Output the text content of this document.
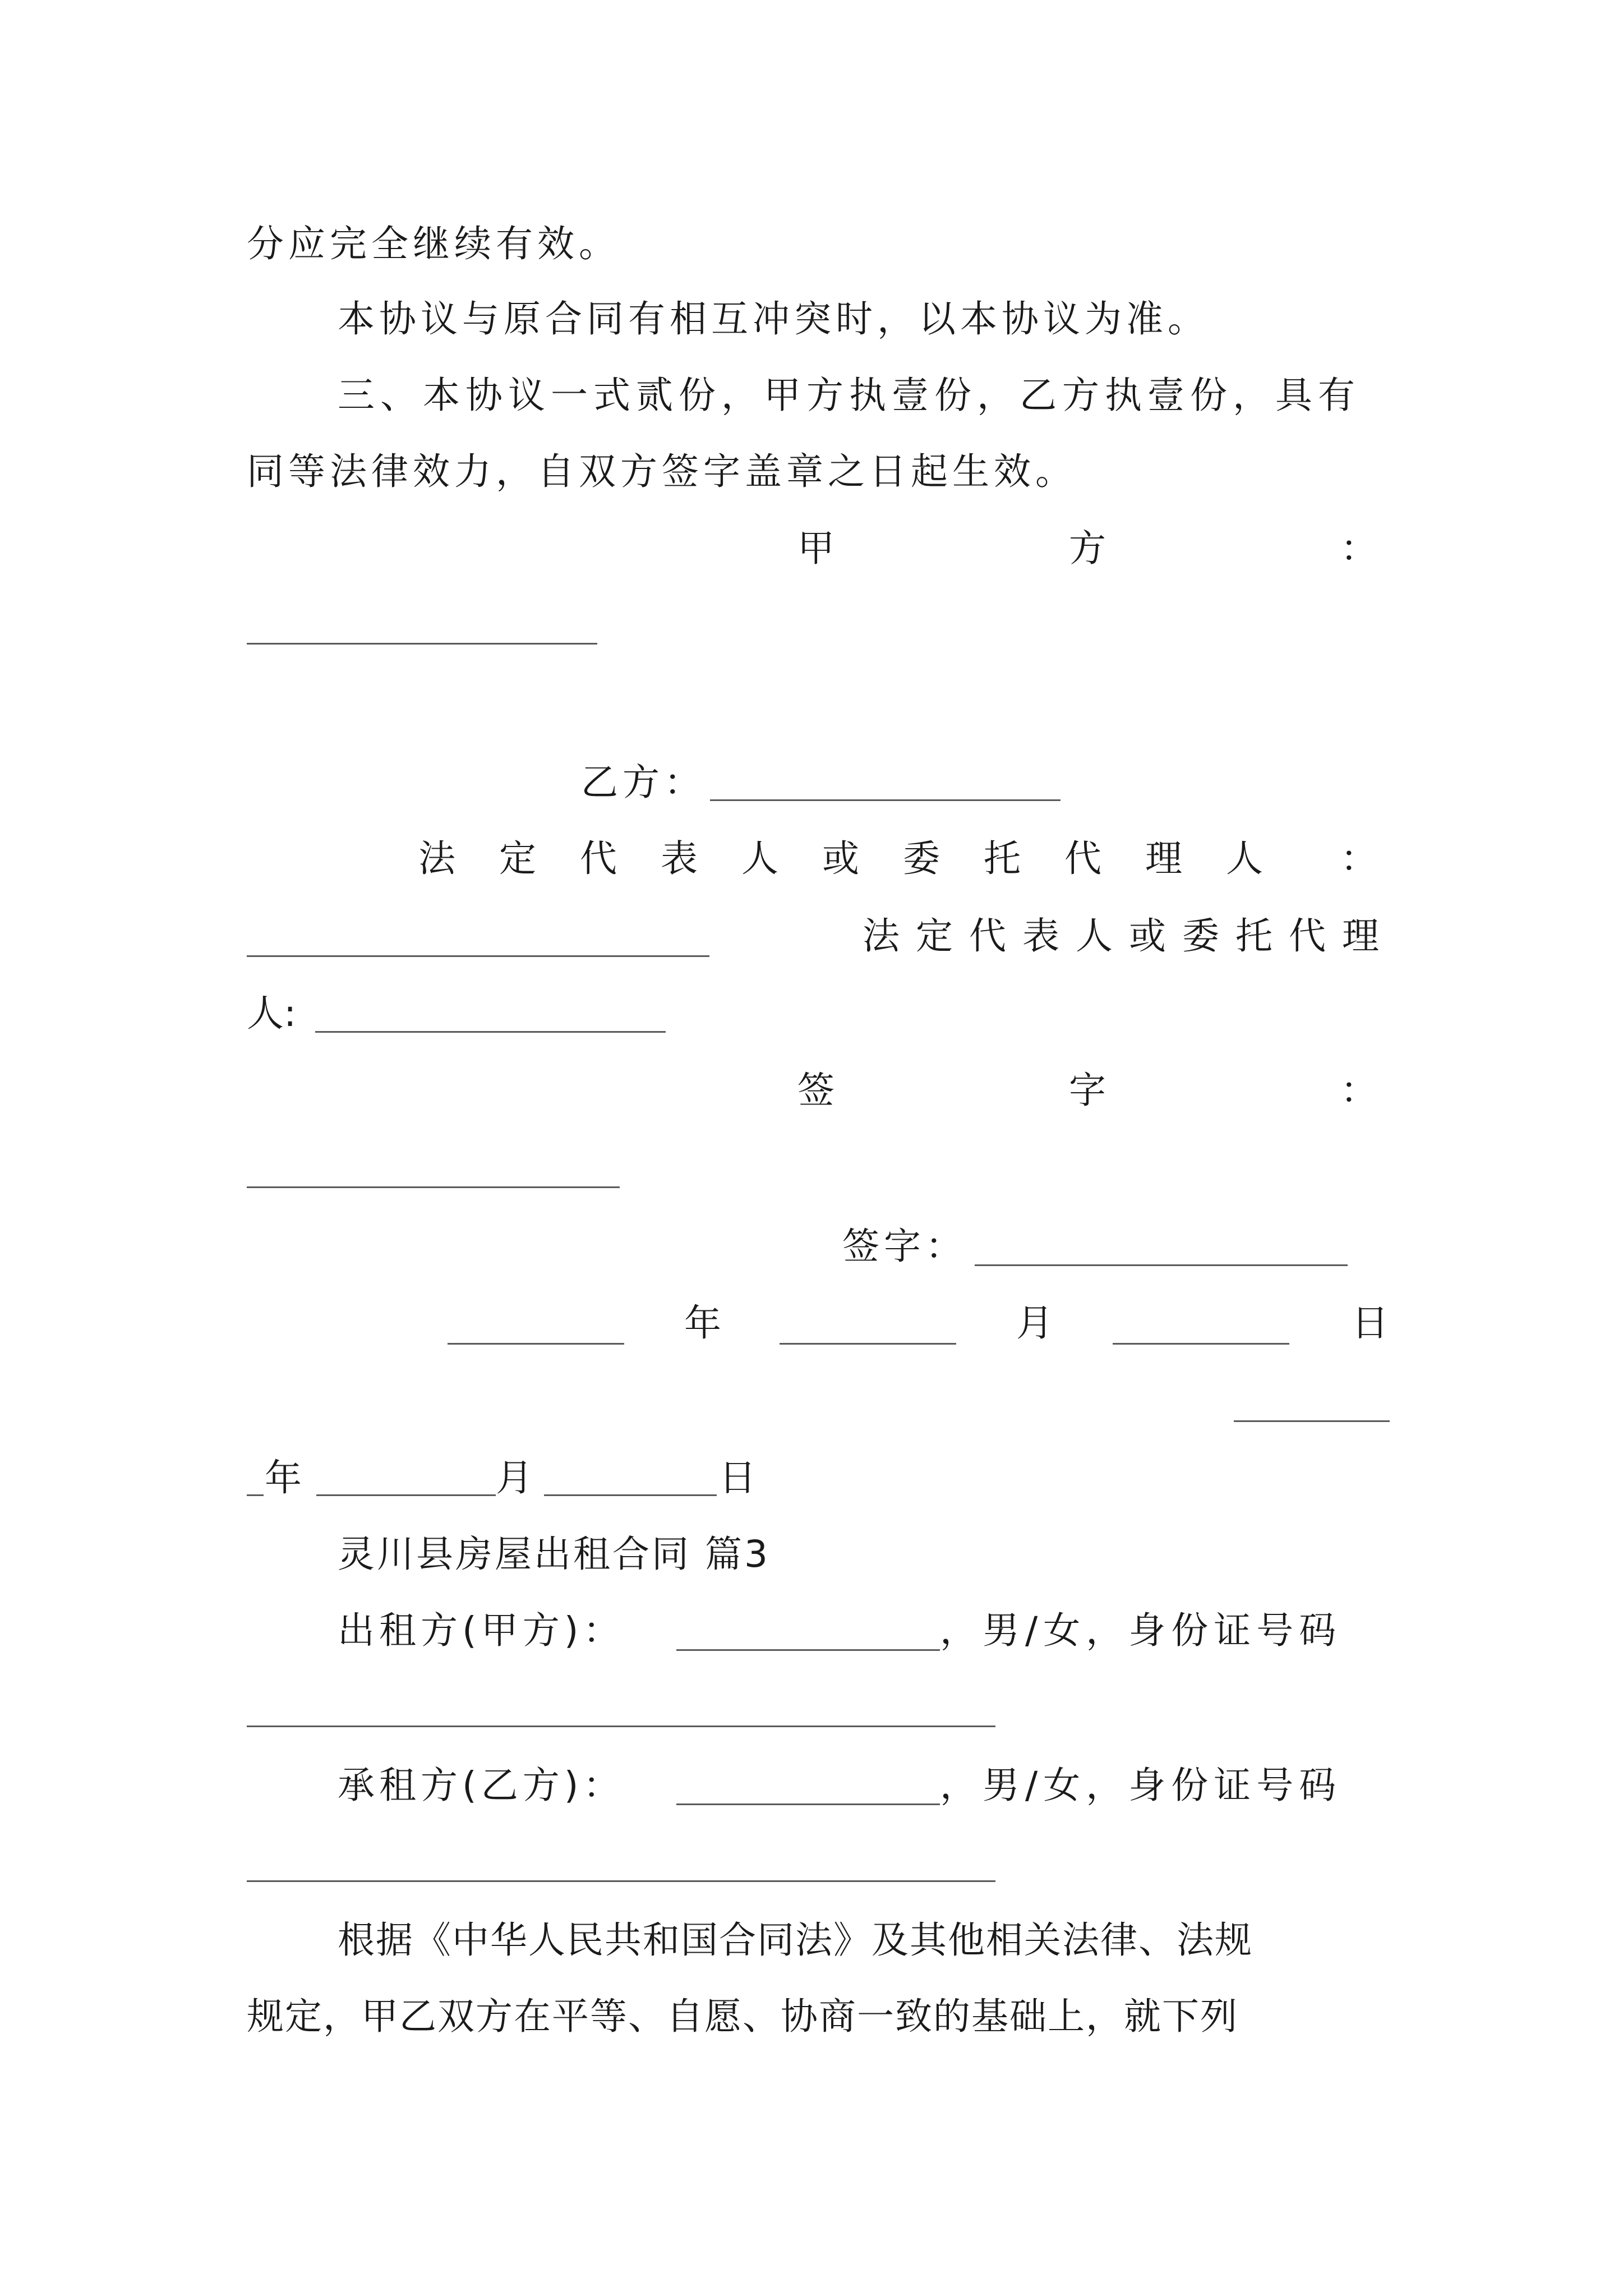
分应完全继续有效。
本协议与原合同有相互冲突时，以本协议为准。
三、本协议一式贰份，甲方执壹份，乙方执壹份，具有
同等法律效力，自双方签字盖章之日起生效。
甲	方	：
乙方：
法 定 代 表 人 或 委 托 代 理 人 ：
法 定 代 表 人 或 委 托 代 理
人:
签	字	：
签字：
年	月	日
年	月	日
灵川县房屋出租合同 篇3
出租方(甲方)：	，男/女，身份证号码
承租方(乙方)：	，男/女，身份证号码
根据《中华人民共和国合同法》及其他相关法律、法规
规定，甲乙双方在平等、自愿、协商一致的基础上，就下列
